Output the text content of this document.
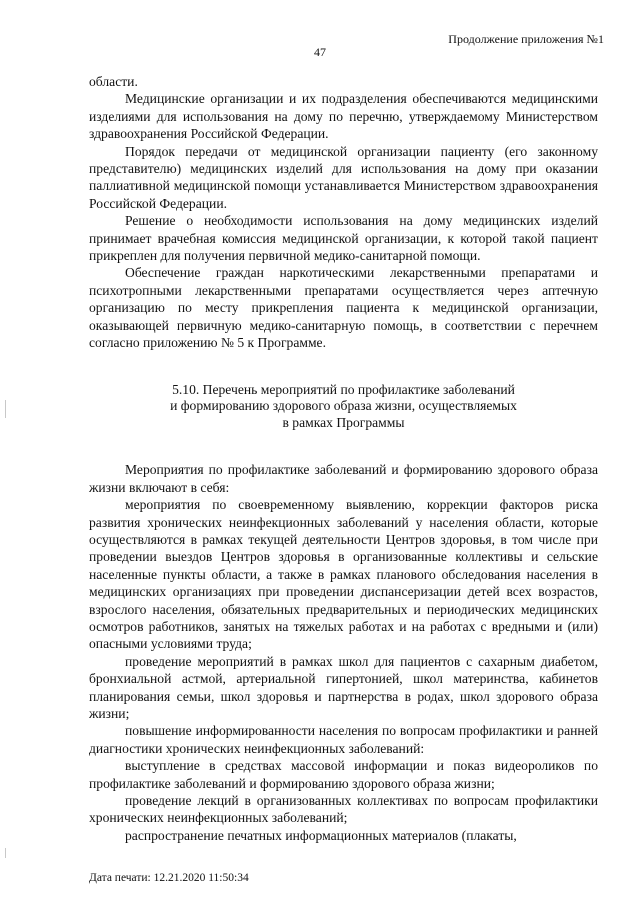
Продолжение приложения №1
47

области.

Медицинские организации и их подразделения обеспечиваются медицинскими изделиями для использования на дому по перечню, утверждаемому Министерством здравоохранения Российской Федерации.

Порядок передачи от медицинской организации пациенту (его законному представителю) медицинских изделий для использования на дому при оказании паллиативной медицинской помощи устанавливается Министерством здравоохранения Российской Федерации.

Решение о необходимости использования на дому медицинских изделий принимает врачебная комиссия медицинской организации, к которой такой пациент прикреплен для получения первичной медико-санитарной помощи.

Обеспечение граждан наркотическими лекарственными препаратами и психотропными лекарственными препаратами осуществляется через аптечную организацию по месту прикрепления пациента к медицинской организации, оказывающей первичную медико-санитарную помощь, в соответствии с перечнем согласно приложению № 5 к Программе.

5.10. Перечень мероприятий по профилактике заболеваний
и формированию здорового образа жизни, осуществляемых
в рамках Программы

Мероприятия по профилактике заболеваний и формированию здорового образа жизни включают в себя:

мероприятия по своевременному выявлению, коррекции факторов риска развития хронических неинфекционных заболеваний у населения области, которые осуществляются в рамках текущей деятельности Центров здоровья, в том числе при проведении выездов Центров здоровья в организованные коллективы и сельские населенные пункты области, а также в рамках планового обследования населения в медицинских организациях при проведении диспансеризации детей всех возрастов, взрослого населения, обязательных предварительных и периодических медицинских осмотров работников, занятых на тяжелых работах и на работах с вредными и (или) опасными условиями труда;

проведение мероприятий в рамках школ для пациентов с сахарным диабетом, бронхиальной астмой, артериальной гипертонией, школ материнства, кабинетов планирования семьи, школ здоровья и партнерства в родах, школ здорового образа жизни;

повышение информированности населения по вопросам профилактики и ранней диагностики хронических неинфекционных заболеваний:

выступление в средствах массовой информации и показ видеороликов по профилактике заболеваний и формированию здорового образа жизни;

проведение лекций в организованных коллективах по вопросам профилактики хронических неинфекционных заболеваний;

распространение печатных информационных материалов (плакаты,

Дата печати: 12.21.2020 11:50:34
